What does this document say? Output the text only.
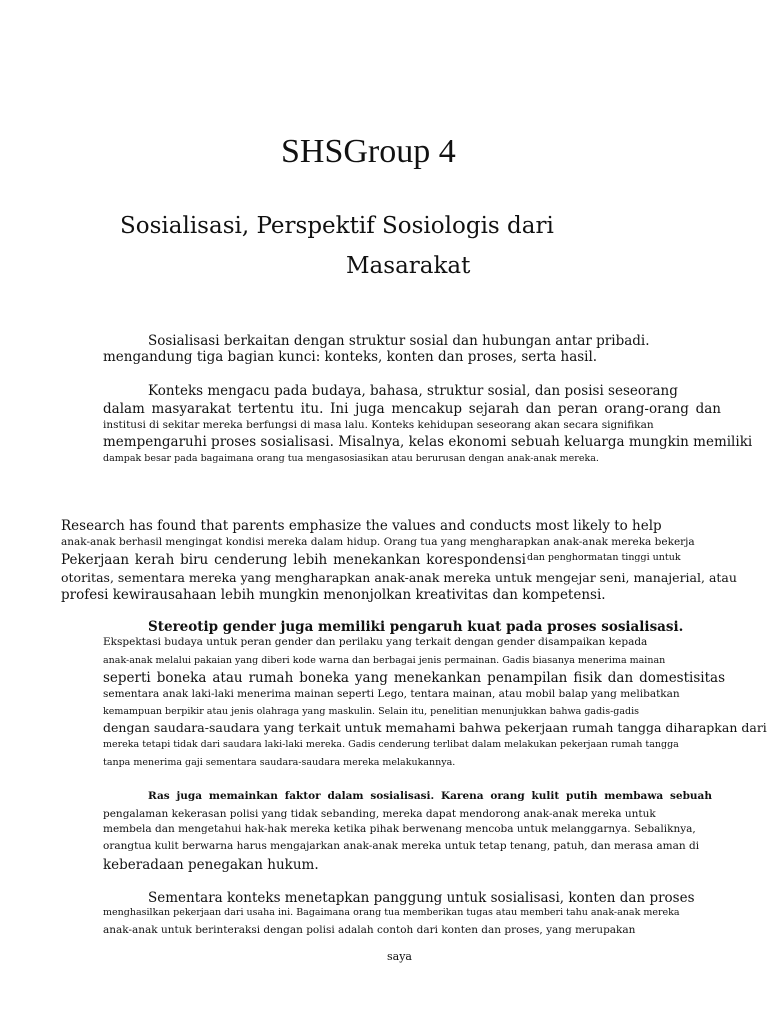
SHSGroup 4
Sosialisasi, Perspektif Sosiologis dari
Masarakat
Sosialisasi berkaitan dengan struktur sosial dan hubungan antar pribadi.
mengandung tiga bagian kunci: konteks, konten dan proses, serta hasil.
Konteks mengacu pada budaya, bahasa, struktur sosial, dan posisi seseorang
dalam masyarakat tertentu itu. Ini juga mencakup sejarah dan peran orang-orang dan
institusi di sekitar mereka berfungsi di masa lalu. Konteks kehidupan seseorang akan secara signifikan
mempengaruhi proses sosialisasi. Misalnya, kelas ekonomi sebuah keluarga mungkin memiliki
dampak besar pada bagaimana orang tua mengasosiasikan atau berurusan dengan anak-anak mereka.
Research has found that parents emphasize the values and conducts most likely to help
anak-anak berhasil mengingat kondisi mereka dalam hidup. Orang tua yang mengharapkan anak-anak mereka bekerja
Pekerjaan kerah biru cenderung lebih menekankan korespondensi dan penghormatan tinggi untuk
otoritas, sementara mereka yang mengharapkan anak-anak mereka untuk mengejar seni, manajerial, atau
profesi kewirausahaan lebih mungkin menonjolkan kreativitas dan kompetensi.
Stereotip gender juga memiliki pengaruh kuat pada proses sosialisasi.
Ekspektasi budaya untuk peran gender dan perilaku yang terkait dengan gender disampaikan kepada
anak-anak melalui pakaian yang diberi kode warna dan berbagai jenis permainan. Gadis biasanya menerima mainan
seperti boneka atau rumah boneka yang menekankan penampilan fisik dan domestisitas
sementara anak laki-laki menerima mainan seperti Lego, tentara mainan, atau mobil balap yang melibatkan
kemampuan berpikir atau jenis olahraga yang maskulin. Selain itu, penelitian menunjukkan bahwa gadis-gadis
dengan saudara-saudara yang terkait untuk memahami bahwa pekerjaan rumah tangga diharapkan dari
mereka tetapi tidak dari saudara laki-laki mereka. Gadis cenderung terlibat dalam melakukan pekerjaan rumah tangga
tanpa menerima gaji sementara saudara-saudara mereka melakukannya.
Ras juga memainkan faktor dalam sosialisasi. Karena orang kulit putih membawa sebuah
pengalaman kekerasan polisi yang tidak sebanding, mereka dapat mendorong anak-anak mereka untuk
membela dan mengetahui hak-hak mereka ketika pihak berwenang mencoba untuk melanggarnya. Sebaliknya,
orangtua kulit berwarna harus mengajarkan anak-anak mereka untuk tetap tenang, patuh, dan merasa aman di
keberadaan penegakan hukum.
Sementara konteks menetapkan panggung untuk sosialisasi, konten dan proses
menghasilkan pekerjaan dari usaha ini. Bagaimana orang tua memberikan tugas atau memberi tahu anak-anak mereka
anak-anak untuk berinteraksi dengan polisi adalah contoh dari konten dan proses, yang merupakan
saya
